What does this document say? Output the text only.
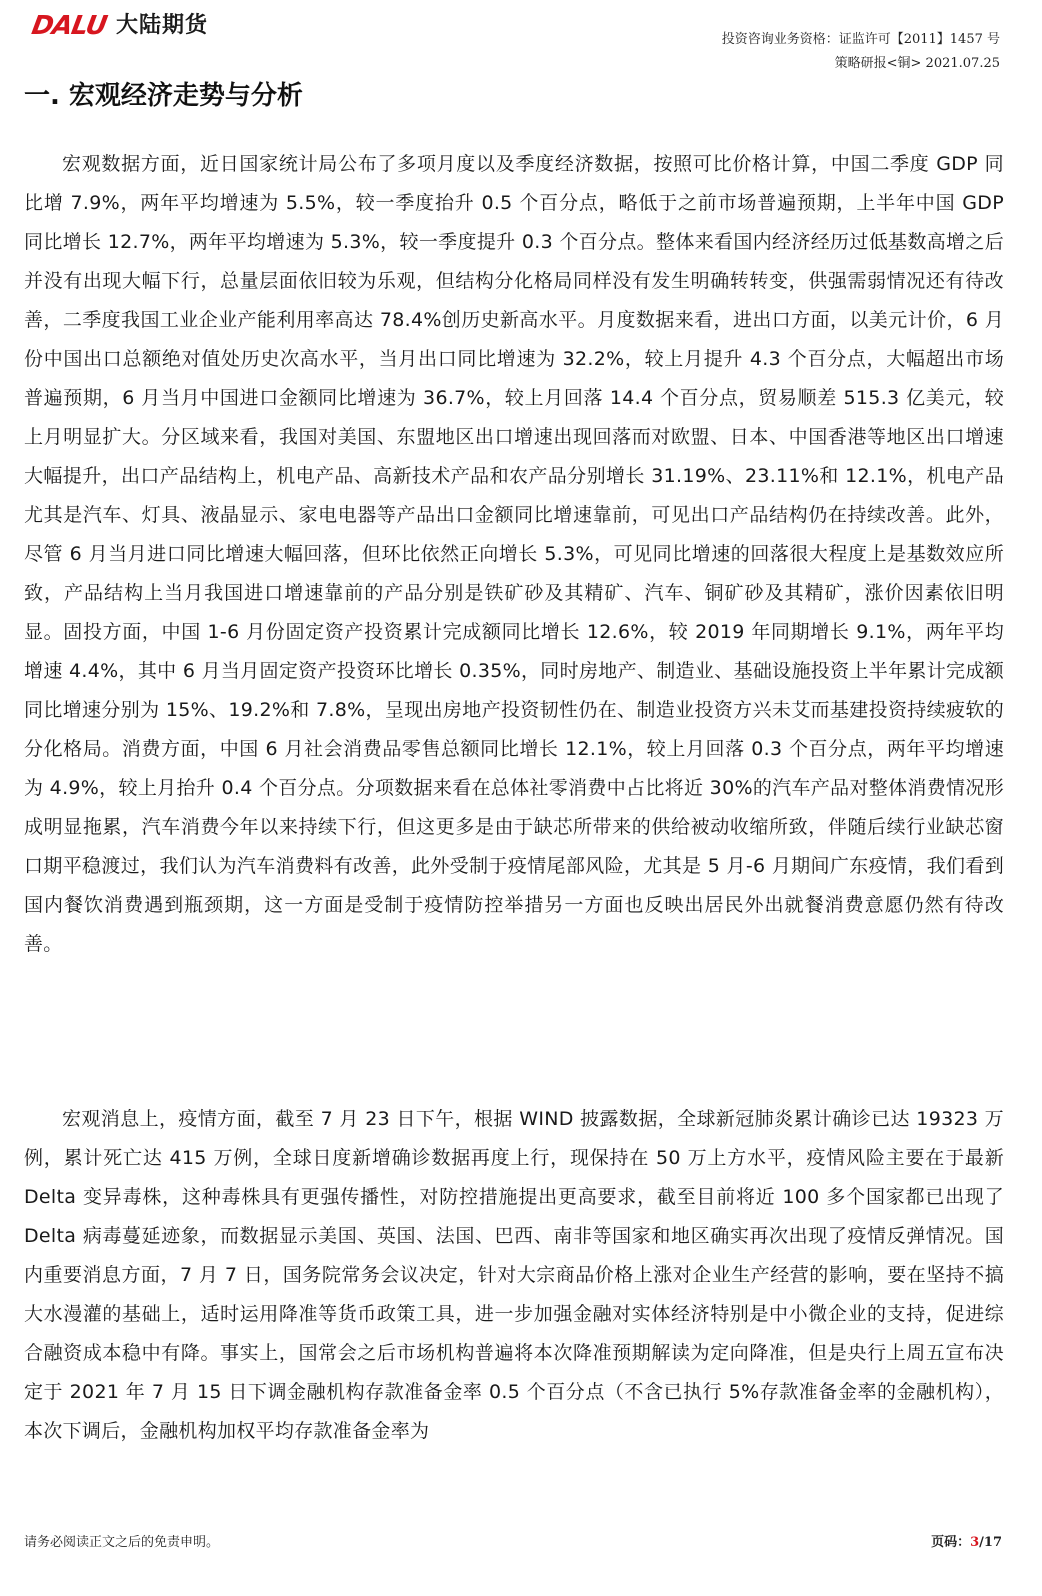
DALU 大陆期货
投资咨询业务资格：证监许可【2011】1457 号
策略研报<铜> 2021.07.25
一. 宏观经济走势与分析

宏观数据方面，近日国家统计局公布了多项月度以及季度经济数据，按照可比价格计算，中国二季度 GDP 同比增 7.9%，两年平均增速为 5.5%，较一季度抬升 0.5 个百分点，略低于之前市场普遍预期，上半年中国 GDP 同比增长 12.7%，两年平均增速为 5.3%，较一季度提升 0.3 个百分点。整体来看国内经济经历过低基数高增之后并没有出现大幅下行，总量层面依旧较为乐观，但结构分化格局同样没有发生明确转转变，供强需弱情况还有待改善，二季度我国工业企业产能利用率高达 78.4%创历史新高水平。月度数据来看，进出口方面，以美元计价，6 月份中国出口总额绝对值处历史次高水平，当月出口同比增速为 32.2%，较上月提升 4.3 个百分点，大幅超出市场普遍预期，6 月当月中国进口金额同比增速为 36.7%，较上月回落 14.4 个百分点，贸易顺差 515.3 亿美元，较上月明显扩大。分区域来看，我国对美国、东盟地区出口增速出现回落而对欧盟、日本、中国香港等地区出口增速大幅提升，出口产品结构上，机电产品、高新技术产品和农产品分别增长 31.19%、23.11%和 12.1%，机电产品尤其是汽车、灯具、液晶显示、家电电器等产品出口金额同比增速靠前，可见出口产品结构仍在持续改善。此外，尽管 6 月当月进口同比增速大幅回落，但环比依然正向增长 5.3%，可见同比增速的回落很大程度上是基数效应所致，产品结构上当月我国进口增速靠前的产品分别是铁矿砂及其精矿、汽车、铜矿砂及其精矿，涨价因素依旧明显。固投方面，中国 1-6 月份固定资产投资累计完成额同比增长 12.6%，较 2019 年同期增长 9.1%，两年平均增速 4.4%，其中 6 月当月固定资产投资环比增长 0.35%，同时房地产、制造业、基础设施投资上半年累计完成额同比增速分别为 15%、19.2%和 7.8%，呈现出房地产投资韧性仍在、制造业投资方兴未艾而基建投资持续疲软的分化格局。消费方面，中国 6 月社会消费品零售总额同比增长 12.1%，较上月回落 0.3 个百分点，两年平均增速为 4.9%，较上月抬升 0.4 个百分点。分项数据来看在总体社零消费中占比将近 30%的汽车产品对整体消费情况形成明显拖累，汽车消费今年以来持续下行，但这更多是由于缺芯所带来的供给被动收缩所致，伴随后续行业缺芯窗口期平稳渡过，我们认为汽车消费料有改善，此外受制于疫情尾部风险，尤其是 5 月-6 月期间广东疫情，我们看到国内餐饮消费遇到瓶颈期，这一方面是受制于疫情防控举措另一方面也反映出居民外出就餐消费意愿仍然有待改善。

宏观消息上，疫情方面，截至 7 月 23 日下午，根据 WIND 披露数据，全球新冠肺炎累计确诊已达 19323 万例，累计死亡达 415 万例，全球日度新增确诊数据再度上行，现保持在 50 万上方水平，疫情风险主要在于最新 Delta 变异毒株，这种毒株具有更强传播性，对防控措施提出更高要求，截至目前将近 100 多个国家都已出现了 Delta 病毒蔓延迹象，而数据显示美国、英国、法国、巴西、南非等国家和地区确实再次出现了疫情反弹情况。国内重要消息方面，7 月 7 日，国务院常务会议决定，针对大宗商品价格上涨对企业生产经营的影响，要在坚持不搞大水漫灌的基础上，适时运用降准等货币政策工具，进一步加强金融对实体经济特别是中小微企业的支持，促进综合融资成本稳中有降。事实上，国常会之后市场机构普遍将本次降准预期解读为定向降准，但是央行上周五宣布决定于 2021 年 7 月 15 日下调金融机构存款准备金率 0.5 个百分点（不含已执行 5%存款准备金率的金融机构），本次下调后，金融机构加权平均存款准备金率为

请务必阅读正文之后的免责申明。	页码：3/17
